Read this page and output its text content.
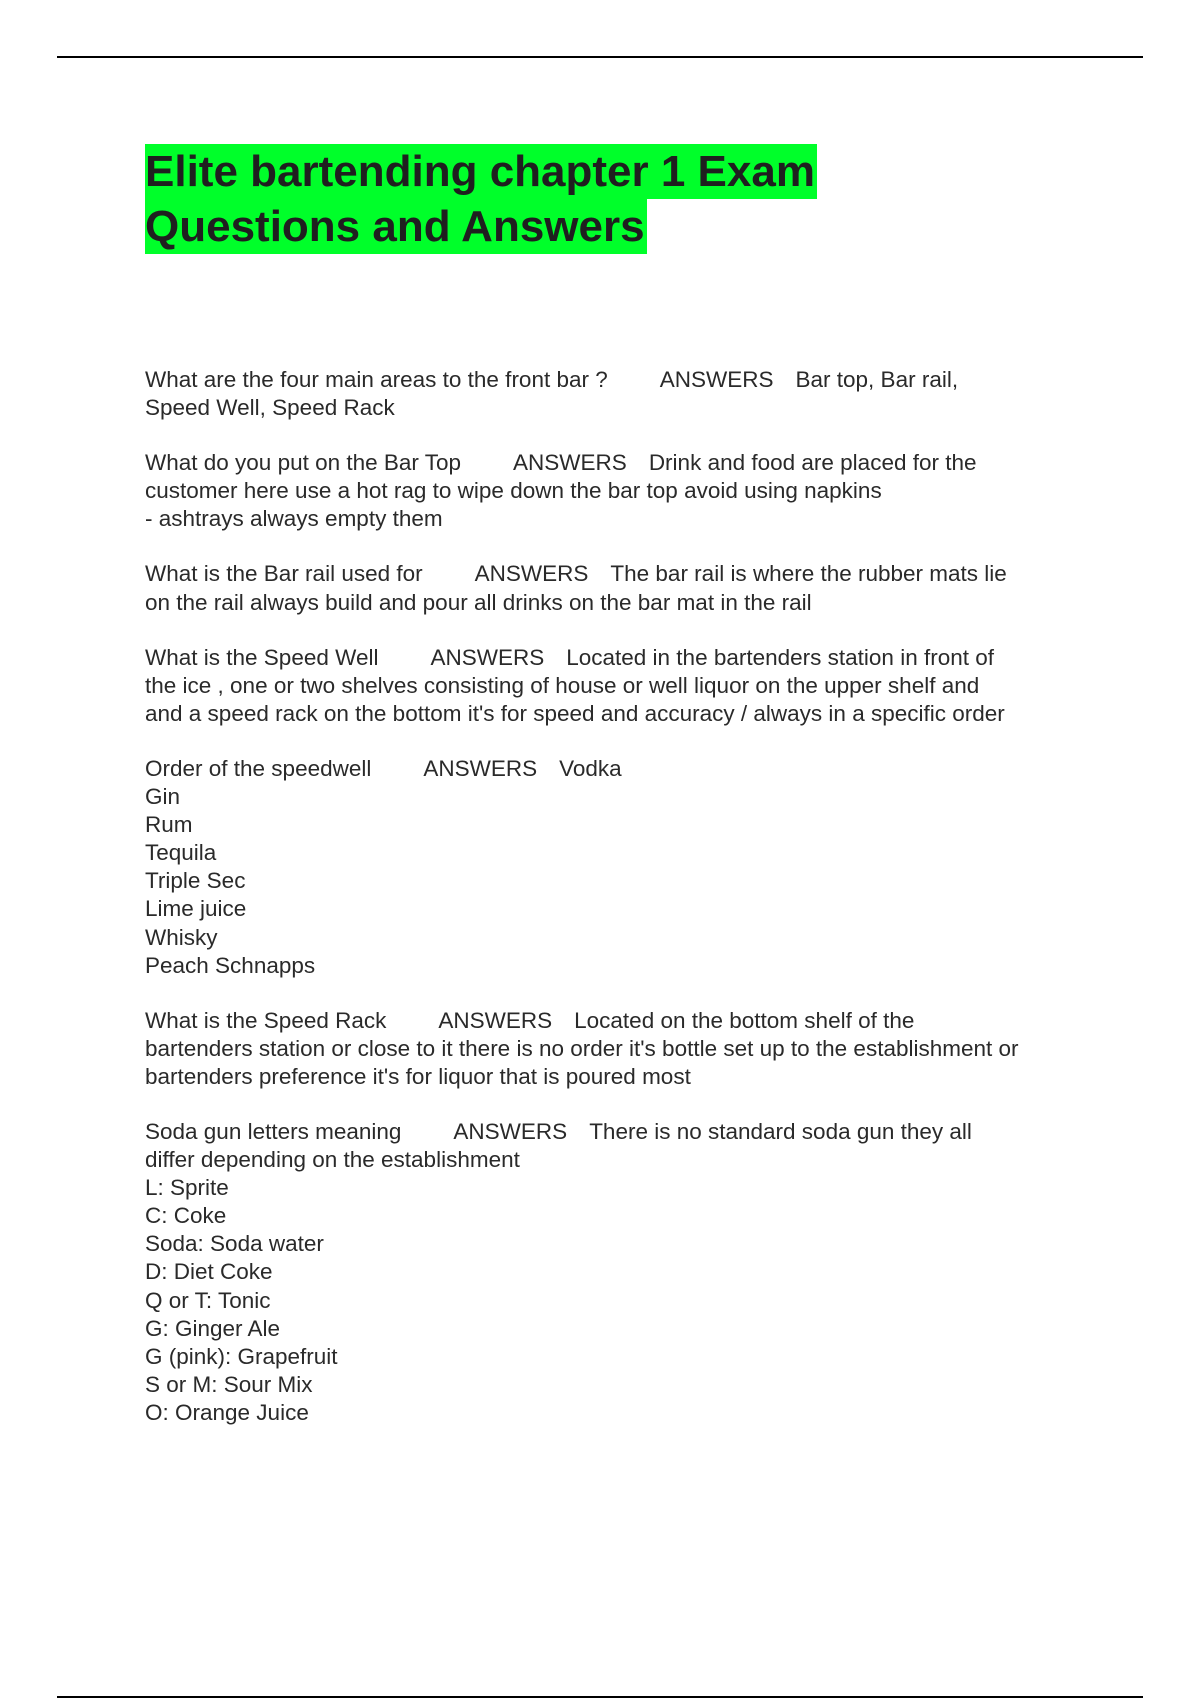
Elite bartending chapter 1 Exam
Questions and Answers
What are the four main areas to the front bar ? ANSWERS Bar top, Bar rail,
Speed Well, Speed Rack
What do you put on the Bar Top ANSWERS Drink and food are placed for the
customer here use a hot rag to wipe down the bar top avoid using napkins
- ashtrays always empty them
What is the Bar rail used for ANSWERS The bar rail is where the rubber mats lie
on the rail always build and pour all drinks on the bar mat in the rail
What is the Speed Well ANSWERS Located in the bartenders station in front of
the ice , one or two shelves consisting of house or well liquor on the upper shelf and
and a speed rack on the bottom it's for speed and accuracy / always in a specific order
Order of the speedwell ANSWERS Vodka
Gin
Rum
Tequila
Triple Sec
Lime juice
Whisky
Peach Schnapps
What is the Speed Rack ANSWERS Located on the bottom shelf of the
bartenders station or close to it there is no order it's bottle set up to the establishment or
bartenders preference it's for liquor that is poured most
Soda gun letters meaning ANSWERS There is no standard soda gun they all
differ depending on the establishment
L: Sprite
C: Coke
Soda: Soda water
D: Diet Coke
Q or T: Tonic
G: Ginger Ale
G (pink): Grapefruit
S or M: Sour Mix
O: Orange Juice
